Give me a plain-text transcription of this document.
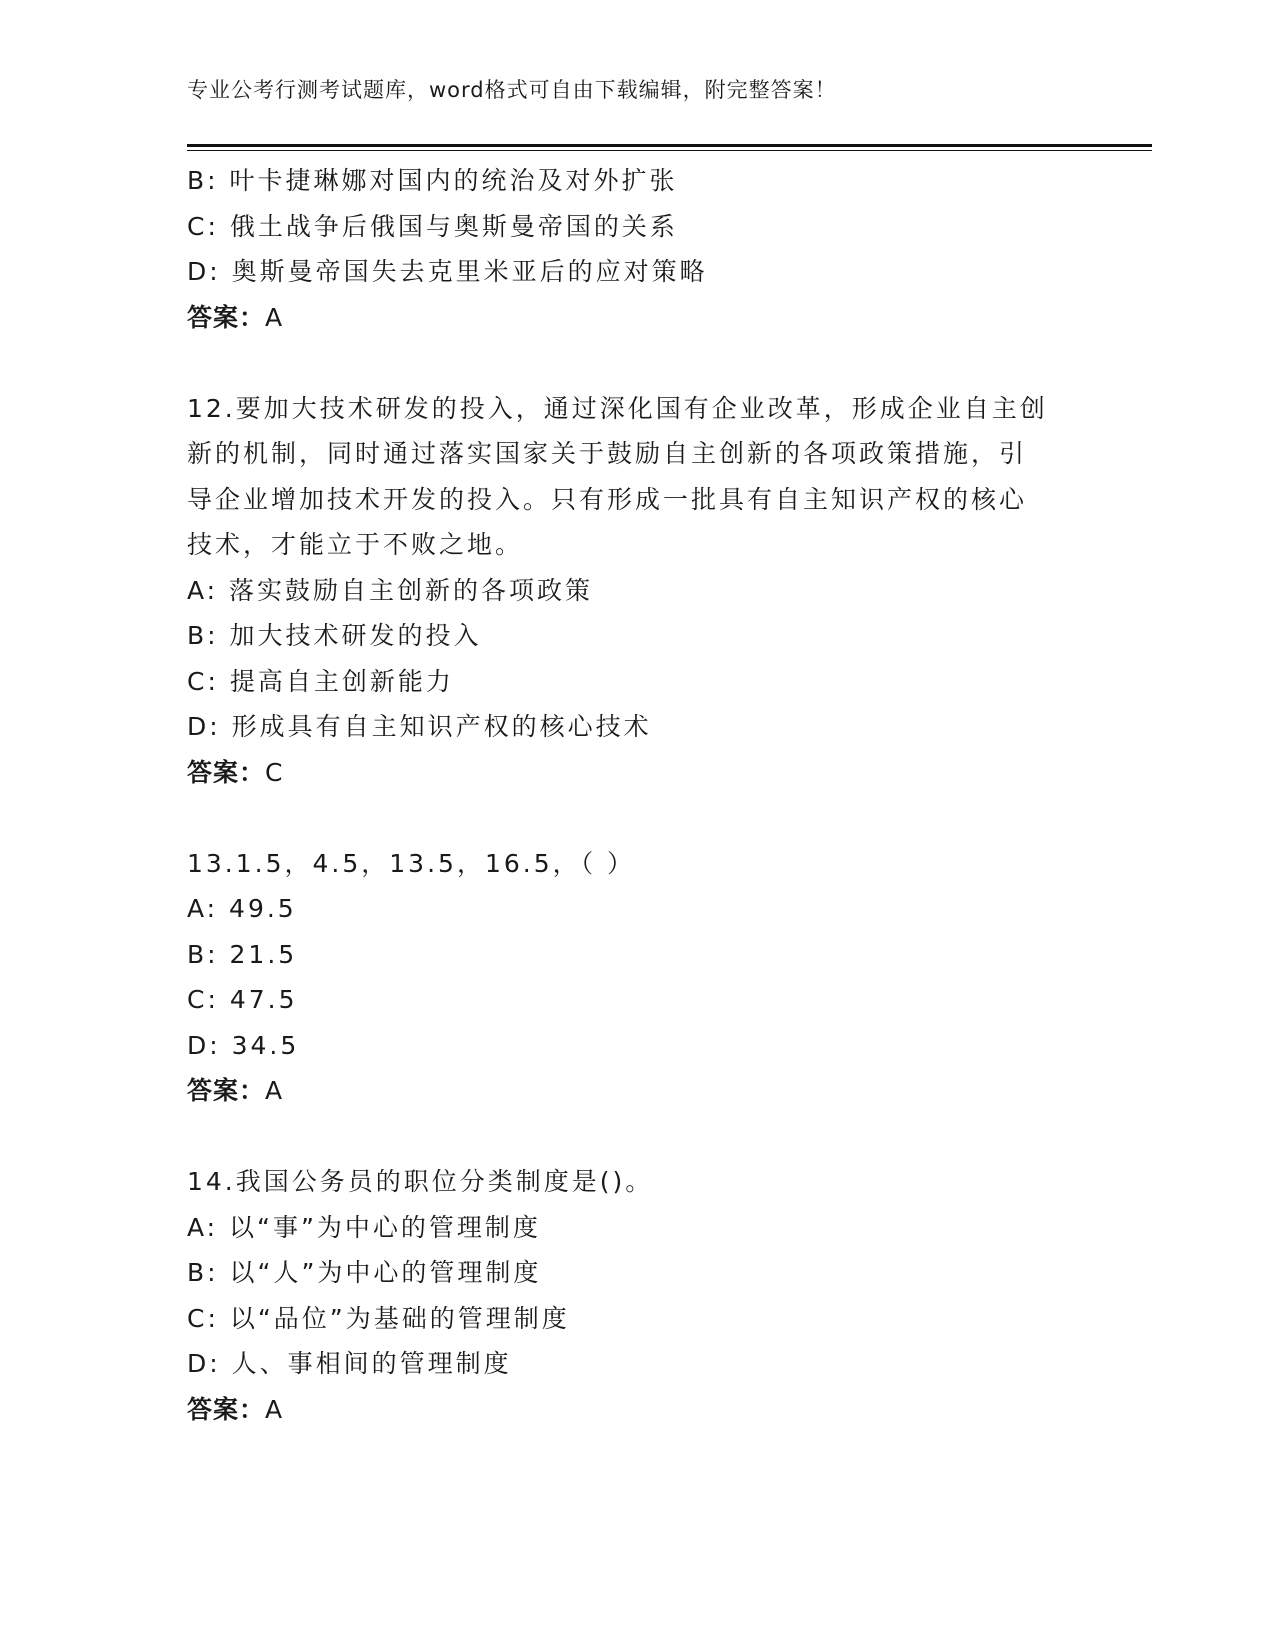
专业公考行测考试题库，word格式可自由下载编辑，附完整答案！
B: 叶卡捷琳娜对国内的统治及对外扩张
C: 俄土战争后俄国与奥斯曼帝国的关系
D: 奥斯曼帝国失去克里米亚后的应对策略
答案：A
12.要加大技术研发的投入，通过深化国有企业改革，形成企业自主创
新的机制，同时通过落实国家关于鼓励自主创新的各项政策措施，引
导企业增加技术开发的投入。只有形成一批具有自主知识产权的核心
技术，才能立于不败之地。
A: 落实鼓励自主创新的各项政策
B: 加大技术研发的投入
C: 提高自主创新能力
D: 形成具有自主知识产权的核心技术
答案：C
13.1.5，4.5，13.5，16.5，（ ）
A: 49.5
B: 21.5
C: 47.5
D: 34.5
答案：A
14.我国公务员的职位分类制度是()。
A: 以“事”为中心的管理制度
B: 以“人”为中心的管理制度
C: 以“品位”为基础的管理制度
D: 人、事相间的管理制度
答案：A
